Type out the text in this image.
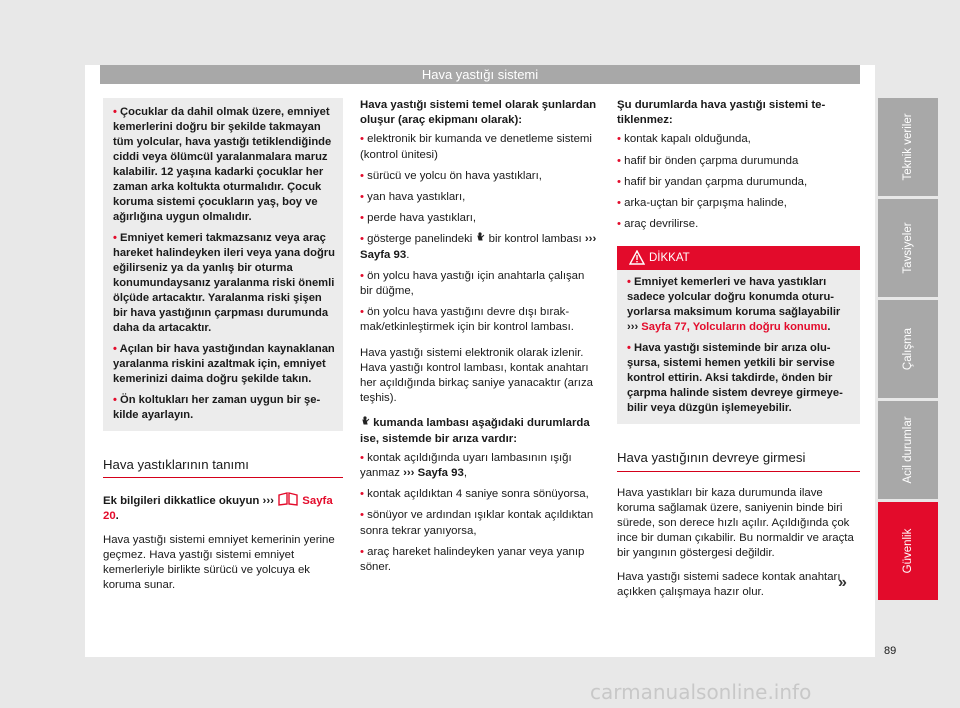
Hava yastığı sistemi
• Çocuklar da dahil olmak üzere, emniyet kemerlerini doğru bir şekilde takmayan tüm yolcular, hava yastığı tetiklendiğinde ciddi veya ölümcül yaralanmalara maruz kalabilir. 12 yaşına kadarki çocuklar her zaman arka koltukta oturmalıdır. Çocuk koruma sistemi çocukların yaş, boy ve ağırlığına uygun olmalıdır.
• Emniyet kemeri takmazsanız veya araç hareket halindeyken ileri veya yana doğru eğilirseniz ya da yanlış bir oturma konumundaysanız yaralanma riski önemli ölçüde artacaktır. Yaralanma riski şişen bir hava yastığının çarpması durumunda daha da artacaktır.
• Açılan bir hava yastığından kaynaklanan yaralanma riskini azaltmak için, emniyet kemerinizi daima doğru şekilde takın.
• Ön koltukları her zaman uygun bir şekilde ayarlayın.
Hava yastıklarının tanımı

Ek bilgileri dikkatlice okuyun ››› Sayfa 20.

Hava yastığı sistemi emniyet kemerinin yerine geçmez. Hava yastığı sistemi emniyet kemerleriyle birlikte sürücü ve yolcuya ek koruma sunar.

Hava yastığı sistemi temel olarak şunlardan oluşur (araç ekipmanı olarak):

• elektronik bir kumanda ve denetleme sistemi (kontrol ünitesi)
• sürücü ve yolcu ön hava yastıkları,
• yan hava yastıkları,
• perde hava yastıkları,
• gösterge panelindeki bir kontrol lambası ››› Sayfa 93.
• ön yolcu hava yastığı için anahtarla çalışan bir düğme,
• ön yolcu hava yastığını devre dışı bırakmak/etkinleştirmek için bir kontrol lambası.

Hava yastığı sistemi elektronik olarak izlenir. Hava yastığı kontrol lambası, kontak anahtarı her açıldığında birkaç saniye yanacaktır (arıza teşhis).

kumanda lambası aşağıdaki durumlarda ise, sistemde bir arıza vardır:

• kontak açıldığında uyarı lambasının ışığı yanmaz ››› Sayfa 93,
• kontak açıldıktan 4 saniye sonra sönüyorsa,
• sönüyor ve ardından ışıklar kontak açıldıktan sonra tekrar yanıyorsa,
• araç hareket halindeyken yanar veya yanıp söner.

Şu durumlarda hava yastığı sistemi tetiklenmez:

• kontak kapalı olduğunda,
• hafif bir önden çarpma durumunda
• hafif bir yandan çarpma durumunda,
• arka-uçtan bir çarpışma halinde,
• araç devrilirse.
DİKKAT
• Emniyet kemerleri ve hava yastıkları sadece yolcular doğru konumda oturuyorlarsa maksimum koruma sağlayabilir ››› Sayfa 77, Yolcuların doğru konumu.
• Hava yastığı sisteminde bir arıza oluşursa, sistemi hemen yetkili bir servise kontrol ettirin. Aksi takdirde, önden bir çarpma halinde sistem devreye girmeyebilir veya düzgün işlemeyebilir.
Hava yastığının devreye girmesi

Hava yastıkları bir kaza durumunda ilave koruma sağlamak üzere, saniyenin binde biri sürede, son derece hızlı açılır. Açıldığında çok ince bir duman çıkabilir. Bu normaldir ve araçta bir yangının göstergesi değildir.

Hava yastığı sistemi sadece kontak anahtarı açıkken çalışmaya hazır olur.

»
Teknik veriler
Tavsiyeler
Çalışma
Acil durumlar
Güvenlik
89
carmanualsonline.info
